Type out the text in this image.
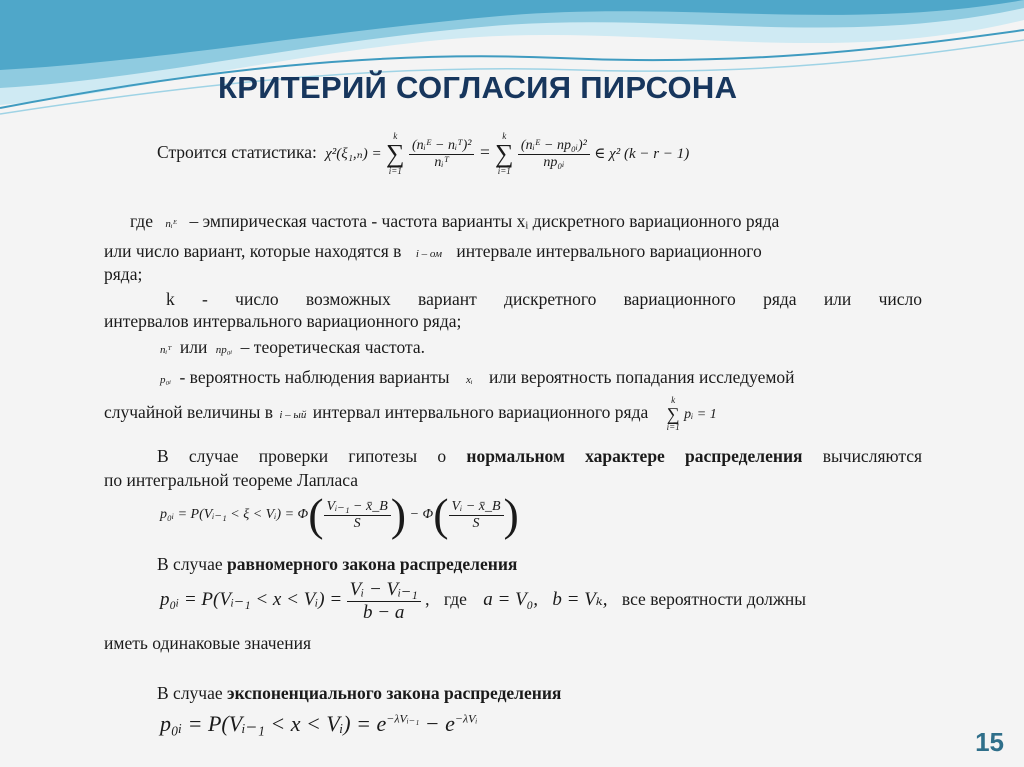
КРИТЕРИЙ СОГЛАСИЯ ПИРСОНА
Строится статистика: χ²(ξ₁,ₙ) =
k
∑
i=1

$\frac{\text{(nᵢᴱ − nᵢᵀ)²}}{\text{nᵢᵀ}}$ =
k
∑
i=1

$\frac{\text{(nᵢᴱ − np₀ᵢ)²}}{\text{np₀ᵢ}}$ ∈ χ² (k − r − 1)
где nᵢᴱ – эмпирическая частота - частота варианты xᵢ дискретного вариационного ряда
или число вариант, которые находятся в i – ом интервале интервального вариационного
ряда;
k - число возможных вариант дискретного вариационного ряда или число
интервалов интервального вариационного ряда;
nᵢᵀ или np₀ᵢ – теоретическая частота.
p₀ᵢ - вероятность наблюдения варианты xᵢ или вероятность попадания исследуемой
случайной величины в i – ый интервал интервального вариационного ряда
k
∑
i=1
pᵢ = 1
В случае проверки гипотезы о нормальном характере распределения вычисляются
по интегральной теореме Лапласа
p₀ᵢ = P(Vᵢ₋₁ < ξ < Vᵢ) = $\Phi( \frac{\text{Vᵢ₋₁ − x̄\_B}}{S}$ ) − $\Phi( \frac{\text{Vᵢ − x̄\_B}}{S}$ )
В случае равномерного закона распределения
p₀ᵢ = P(Vᵢ₋₁ < x < Vᵢ) = $\frac{\text{Vᵢ − Vᵢ₋₁}}{b - a}$ , где a = V₀, b = Vₖ, все вероятности должны
иметь одинаковые значения
В случае экспоненциального закона распределения
p₀ᵢ = P(Vᵢ₋₁ < x < Vᵢ) = $e^{-\lambda Vᵢ_{-1}} - e^{-\lambda Vᵢ}$
15
